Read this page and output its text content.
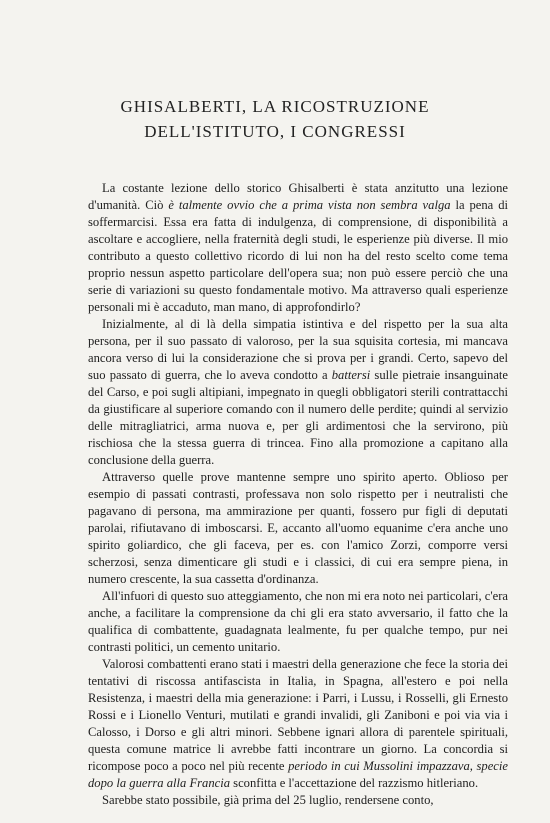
GHISALBERTI, LA RICOSTRUZIONE
DELL'ISTITUTO, I CONGRESSI

La costante lezione dello storico Ghisalberti è stata anzitutto una lezione d'umanità. Ciò è talmente ovvio che a prima vista non sembra valga la pena di soffermarcisi. Essa era fatta di indulgenza, di comprensione, di disponibilità a ascoltare e accogliere, nella fraternità degli studi, le esperienze più diverse. Il mio contributo a questo collettivo ricordo di lui non ha del resto scelto come tema proprio nessun aspetto particolare dell'opera sua; non può essere perciò che una serie di variazioni su questo fondamentale motivo. Ma attraverso quali esperienze personali mi è accaduto, man mano, di approfondirlo?

Inizialmente, al di là della simpatia istintiva e del rispetto per la sua alta persona, per il suo passato di valoroso, per la sua squisita cortesia, mi mancava ancora verso di lui la considerazione che si prova per i grandi. Certo, sapevo del suo passato di guerra, che lo aveva condotto a battersi sulle pietraie insanguinate del Carso, e poi sugli altipiani, impegnato in quegli obbligatori sterili contrattacchi da giustificare al superiore comando con il numero delle perdite; quindi al servizio delle mitragliatrici, arma nuova e, per gli ardimentosi che la servirono, più rischiosa che la stessa guerra di trincea. Fino alla promozione a capitano alla conclusione della guerra.

Attraverso quelle prove mantenne sempre uno spirito aperto. Oblioso per esempio di passati contrasti, professava non solo rispetto per i neutralisti che pagavano di persona, ma ammirazione per quanti, fossero pur figli di deputati parolai, rifiutavano di imboscarsi. E, accanto all'uomo equanime c'era anche uno spirito goliardico, che gli faceva, per es. con l'amico Zorzi, comporre versi scherzosi, senza dimenticare gli studi e i classici, di cui era sempre piena, in numero crescente, la sua cassetta d'ordinanza.

All'infuori di questo suo atteggiamento, che non mi era noto nei particolari, c'era anche, a facilitare la comprensione da chi gli era stato avversario, il fatto che la qualifica di combattente, guadagnata lealmente, fu per qualche tempo, pur nei contrasti politici, un cemento unitario.

Valorosi combattenti erano stati i maestri della generazione che fece la storia dei tentativi di riscossa antifascista in Italia, in Spagna, all'estero e poi nella Resistenza, i maestri della mia generazione: i Parri, i Lussu, i Rosselli, gli Ernesto Rossi e i Lionello Venturi, mutilati e grandi invalidi, gli Zaniboni e poi via via i Calosso, i Dorso e gli altri minori. Sebbene ignari allora di parentele spirituali, questa comune matrice li avrebbe fatti incontrare un giorno. La concordia si ricompose poco a poco nel più recente periodo in cui Mussolini impazzava, specie dopo la guerra alla Francia sconfitta e l'accettazione del razzismo hitleriano.

Sarebbe stato possibile, già prima del 25 luglio, rendersene conto,
